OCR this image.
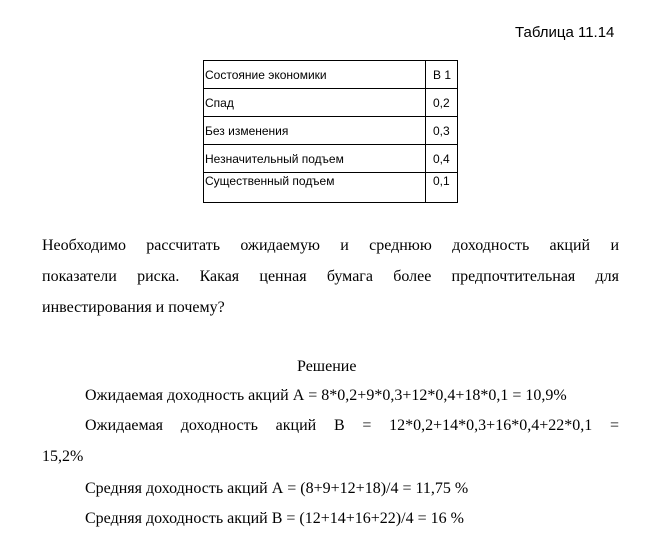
Таблица 11.14
Состояние экономики	В 1
Спад	0,2
Без изменения	0,3
Незначительный подъем	0,4
Существенный подъем	0,1
Необходимо рассчитать ожидаемую и среднюю доходность акций и
показатели риска. Какая ценная бумага более предпочтительная для
инвестирования и почему?
Решение
Ожидаемая доходность акций А = 8*0,2+9*0,3+12*0,4+18*0,1 = 10,9%
Ожидаемая доходность акций В = 12*0,2+14*0,3+16*0,4+22*0,1 =
15,2%
Средняя доходность акций А = (8+9+12+18)/4 = 11,75 %
Средняя доходность акций В = (12+14+16+22)/4 = 16 %
